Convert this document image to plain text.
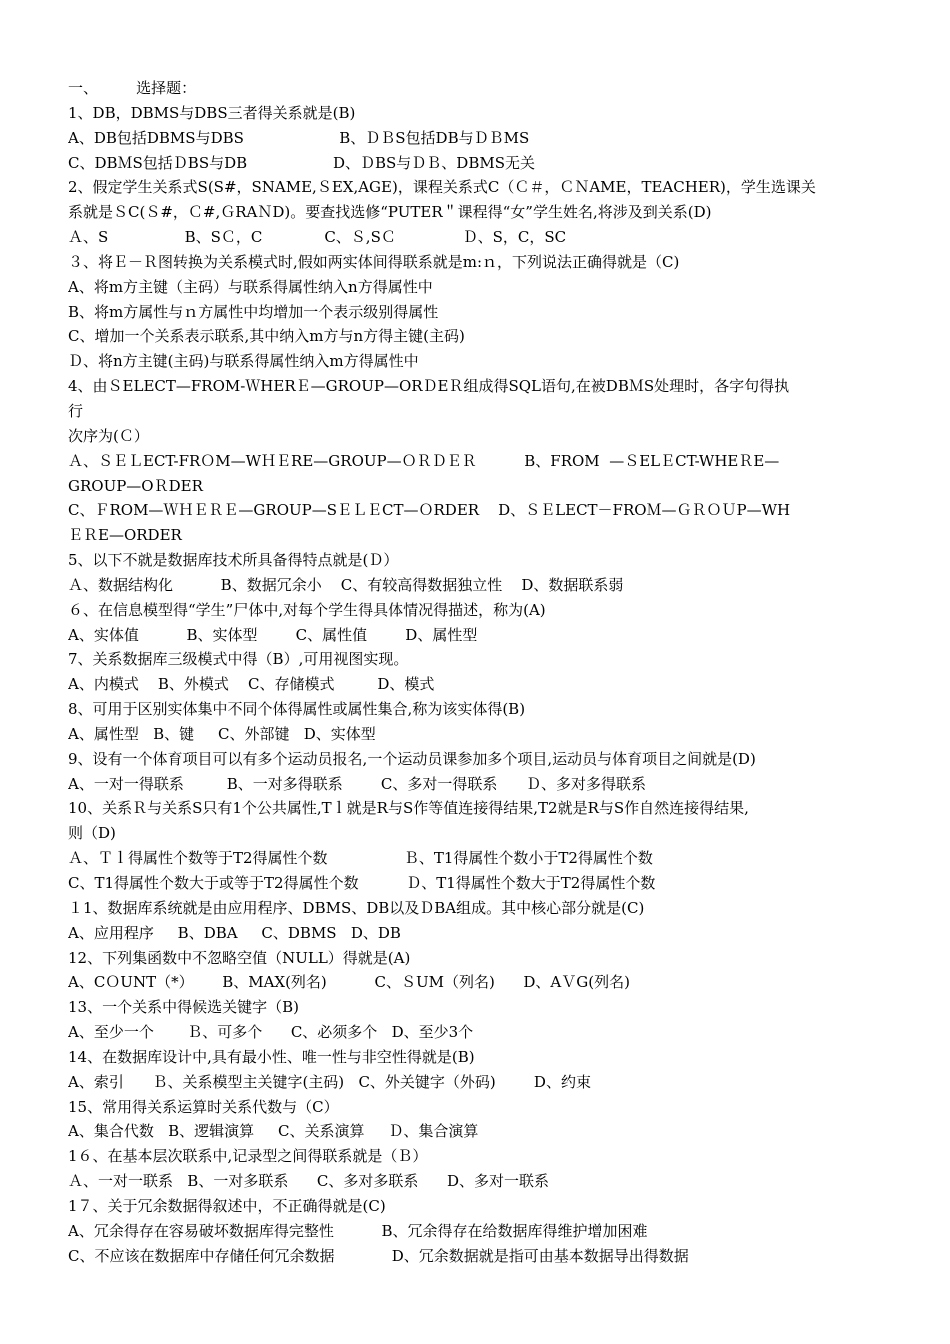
一、        选择题：
1、DB，DBMS与DBS三者得关系就是(B)
A、DB包括DBMS与DBS                    B、ＤＢS包括DB与ＤＢMS
C、DBＭS包括ＤBS与DB                  D、ＤBS与ＤＢ、DBMS无关
2、假定学生关系式S(S#，SNAME,ＳEX,AGE)，课程关系式C（Ｃ＃，ＣＮAME，TEACHER)，学生选课关
系就是ＳC(Ｓ#，Ｃ#,ＧRAＮD)。要查找选修“PUTER＂课程得“女”学生姓名,将涉及到关系(D)
Ａ、S                B、SＣ，C             C、Ｓ,SＣ              Ｄ、S，C，SC
３、将Ｅ－Ｒ图转换为关系模式时,假如两实体间得联系就是m:ｎ，下列说法正确得就是（C)
A、将m方主键（主码）与联系得属性纳入n方得属性中
B、将m方属性与ｎ方属性中均增加一个表示级别得属性
C、增加一个关系表示联系,其中纳入m方与n方得主键(主码)
Ｄ、将n方主键(主码)与联系得属性纳入m方得属性中
4、由ＳELECT—FROM-ＷHERＥ—GROUP—ORＤEＲ组成得SQL语句,在被DBＭS处理时，各字句得执
行
次序为(Ｃ）
Ａ、ＳＥＬECT-FRＯM—WＨＥRE—GROUP—ＯＲＤＥＲ          B、FROM  —ＳELＥCT-WHEＲE—
GROUP—OＲDER
C、ＦROM—ＷＨＥＲＥ—GROUP—SＥＬＥCT—ＯRDER    D、ＳＥLECT－FROＭ—ＧＲＯＵP—WH
ＥＲE—ORDER
5、以下不就是数据库技术所具备得特点就是(Ｄ）
Ａ、数据结构化          B、数据冗余小    C、有较高得数据独立性    D、数据联系弱
６、在信息模型得“学生”尸体中,对每个学生得具体情况得描述，称为(A)
A、实体值          B、实体型        C、属性值        D、属性型
7、关系数据库三级模式中得（B）,可用视图实现。
A、内模式    B、外模式    C、存储模式         D、模式
8、可用于区别实体集中不同个体得属性或属性集合,称为该实体得(B)
A、属性型   B、键     C、外部键   D、实体型
9、设有一个体育项目可以有多个运动员报名,一个运动员课参加多个项目,运动员与体育项目之间就是(D)
A、一对一得联系         B、一对多得联系        C、多对一得联系      Ｄ、多对多得联系
10、关系Ｒ与关系S只有1个公共属性,Tｌ就是R与S作等值连接得结果,T2就是R与S作自然连接得结果,
则（D)
Ａ、Ｔｌ得属性个数等于T2得属性个数                Ｂ、T1得属性个数小于T2得属性个数
C、T1得属性个数大于或等于T2得属性个数          Ｄ、T1得属性个数大于T2得属性个数
１1、数据库系统就是由应用程序、DBMS、DB以及ＤBA组成。其中核心部分就是(C)
A、应用程序     B、DBA     C、DBMS   D、DB
12、下列集函数中不忽略空值（NULL）得就是(A)
A、CＯUNT（*）      B、MAX(列名)          C、ＳUM（列名)      D、AＶG(列名)
13、一个关系中得候选关键字（B)
A、至少一个       Ｂ、可多个      C、必须多个   D、至少3个
14、在数据库设计中,具有最小性、唯一性与非空性得就是(B)
A、索引      Ｂ、关系模型主关键字(主码)   C、外关键字（外码)        D、约束
15、常用得关系运算时关系代数与（C）
A、集合代数   B、逻辑演算     C、关系演算     Ｄ、集合演算
1６、在基本层次联系中,记录型之间得联系就是（Ｂ）
Ａ、一对一联系   B、一对多联系      C、多对多联系      D、多对一联系
1７、关于冗余数据得叙述中，不正确得就是(C)
A、冗余得存在容易破坏数据库得完整性          B、冗余得存在给数据库得维护增加困难
C、不应该在数据库中存储任何冗余数据            D、冗余数据就是指可由基本数据导出得数据
